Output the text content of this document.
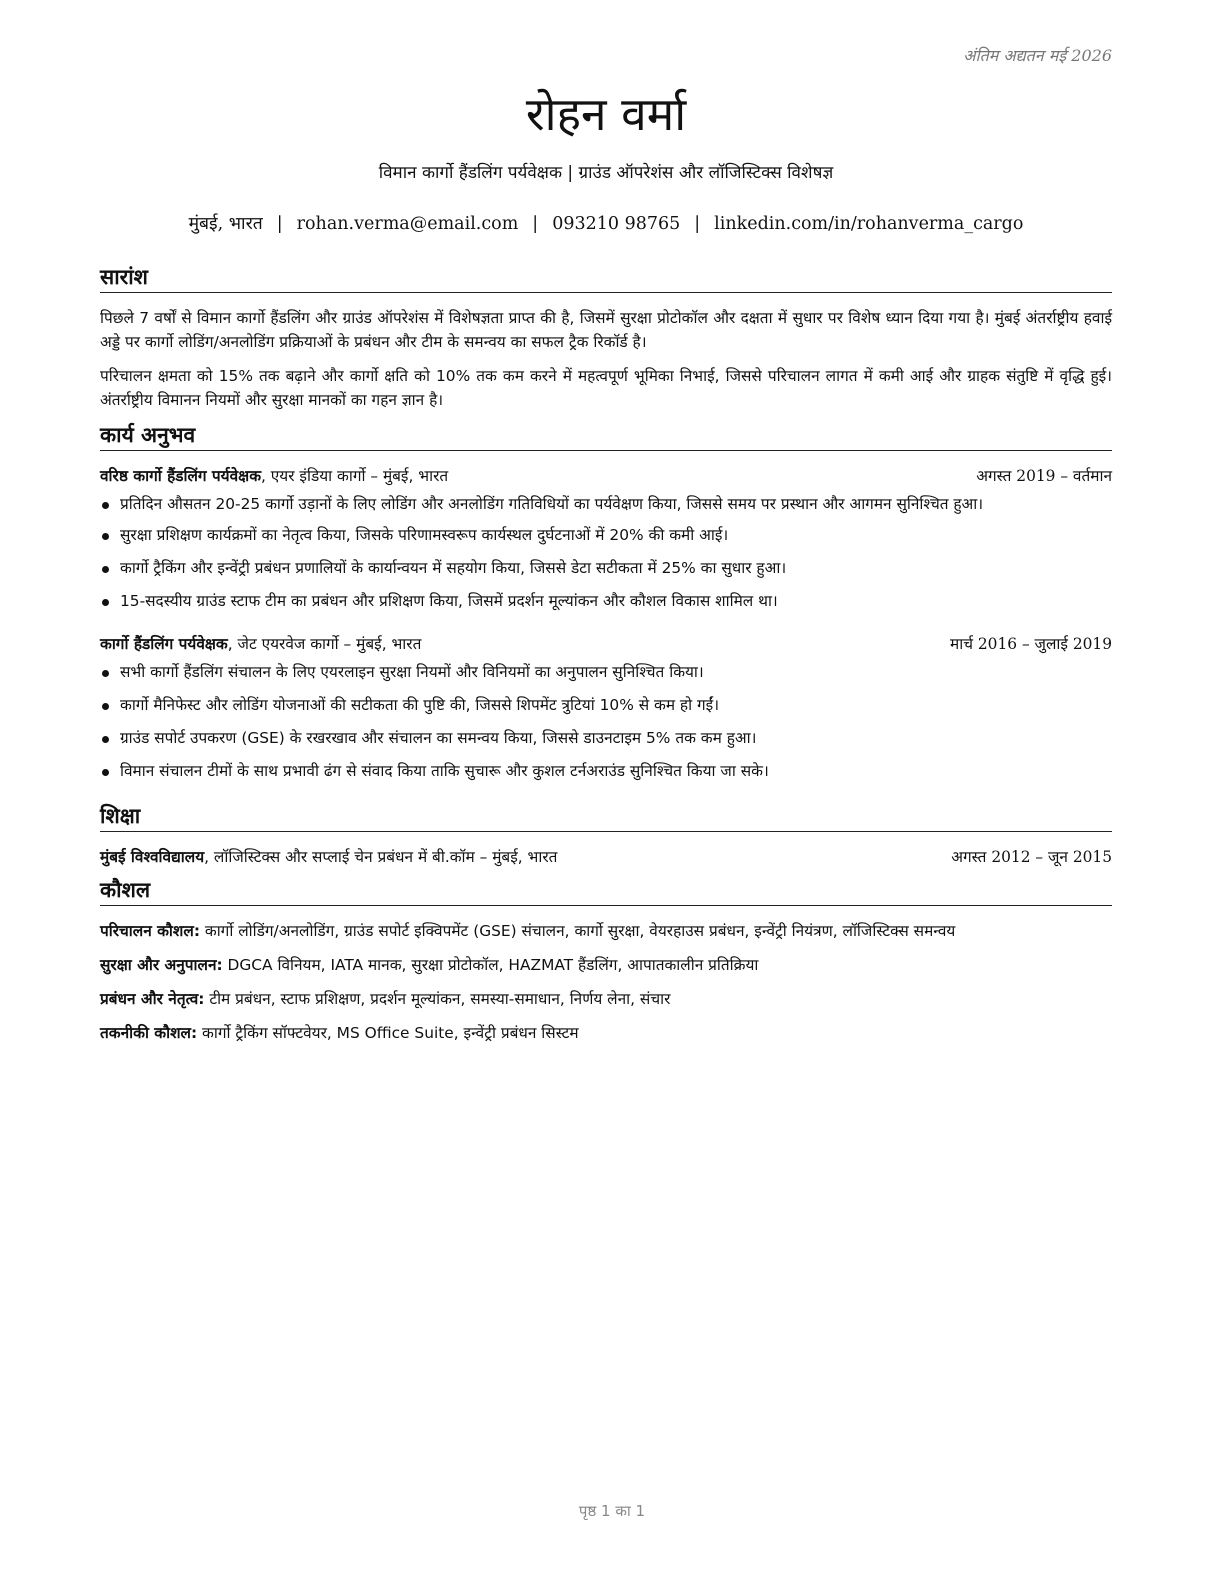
अंतिम अद्यतन मई 2026
रोहन वर्मा
विमान कार्गो हैंडलिंग पर्यवेक्षक | ग्राउंड ऑपरेशंस और लॉजिस्टिक्स विशेषज्ञ
मुंबई, भारत | rohan.verma@email.com | 093210 98765 | linkedin.com/in/rohanverma_cargo
सारांश

पिछले 7 वर्षों से विमान कार्गो हैंडलिंग और ग्राउंड ऑपरेशंस में विशेषज्ञता प्राप्त की है, जिसमें सुरक्षा प्रोटोकॉल और दक्षता में सुधार पर विशेष ध्यान दिया गया है। मुंबई अंतर्राष्ट्रीय हवाई अड्डे पर कार्गो लोडिंग/अनलोडिंग प्रक्रियाओं के प्रबंधन और टीम के समन्वय का सफल ट्रैक रिकॉर्ड है।

परिचालन क्षमता को 15% तक बढ़ाने और कार्गो क्षति को 10% तक कम करने में महत्वपूर्ण भूमिका निभाई, जिससे परिचालन लागत में कमी आई और ग्राहक संतुष्टि में वृद्धि हुई। अंतर्राष्ट्रीय विमानन नियमों और सुरक्षा मानकों का गहन ज्ञान है।

कार्य अनुभव
वरिष्ठ कार्गो हैंडलिंग पर्यवेक्षक, एयर इंडिया कार्गो – मुंबई, भारत	अगस्त 2019 – वर्तमान
प्रतिदिन औसतन 20-25 कार्गो उड़ानों के लिए लोडिंग और अनलोडिंग गतिविधियों का पर्यवेक्षण किया, जिससे समय पर प्रस्थान और आगमन सुनिश्चित हुआ।
सुरक्षा प्रशिक्षण कार्यक्रमों का नेतृत्व किया, जिसके परिणामस्वरूप कार्यस्थल दुर्घटनाओं में 20% की कमी आई।
कार्गो ट्रैकिंग और इन्वेंट्री प्रबंधन प्रणालियों के कार्यान्वयन में सहयोग किया, जिससे डेटा सटीकता में 25% का सुधार हुआ।
15-सदस्यीय ग्राउंड स्टाफ टीम का प्रबंधन और प्रशिक्षण किया, जिसमें प्रदर्शन मूल्यांकन और कौशल विकास शामिल था।
कार्गो हैंडलिंग पर्यवेक्षक, जेट एयरवेज कार्गो – मुंबई, भारत	मार्च 2016 – जुलाई 2019
सभी कार्गो हैंडलिंग संचालन के लिए एयरलाइन सुरक्षा नियमों और विनियमों का अनुपालन सुनिश्चित किया।
कार्गो मैनिफेस्ट और लोडिंग योजनाओं की सटीकता की पुष्टि की, जिससे शिपमेंट त्रुटियां 10% से कम हो गईं।
ग्राउंड सपोर्ट उपकरण (GSE) के रखरखाव और संचालन का समन्वय किया, जिससे डाउनटाइम 5% तक कम हुआ।
विमान संचालन टीमों के साथ प्रभावी ढंग से संवाद किया ताकि सुचारू और कुशल टर्नअराउंड सुनिश्चित किया जा सके।
शिक्षा
मुंबई विश्वविद्यालय, लॉजिस्टिक्स और सप्लाई चेन प्रबंधन में बी.कॉम – मुंबई, भारत	अगस्त 2012 – जून 2015
कौशल
परिचालन कौशल: कार्गो लोडिंग/अनलोडिंग, ग्राउंड सपोर्ट इक्विपमेंट (GSE) संचालन, कार्गो सुरक्षा, वेयरहाउस प्रबंधन, इन्वेंट्री नियंत्रण, लॉजिस्टिक्स समन्वय
सुरक्षा और अनुपालन: DGCA विनियम, IATA मानक, सुरक्षा प्रोटोकॉल, HAZMAT हैंडलिंग, आपातकालीन प्रतिक्रिया
प्रबंधन और नेतृत्व: टीम प्रबंधन, स्टाफ प्रशिक्षण, प्रदर्शन मूल्यांकन, समस्या-समाधान, निर्णय लेना, संचार
तकनीकी कौशल: कार्गो ट्रैकिंग सॉफ्टवेयर, MS Office Suite, इन्वेंट्री प्रबंधन सिस्टम
पृष्ठ 1 का 1
